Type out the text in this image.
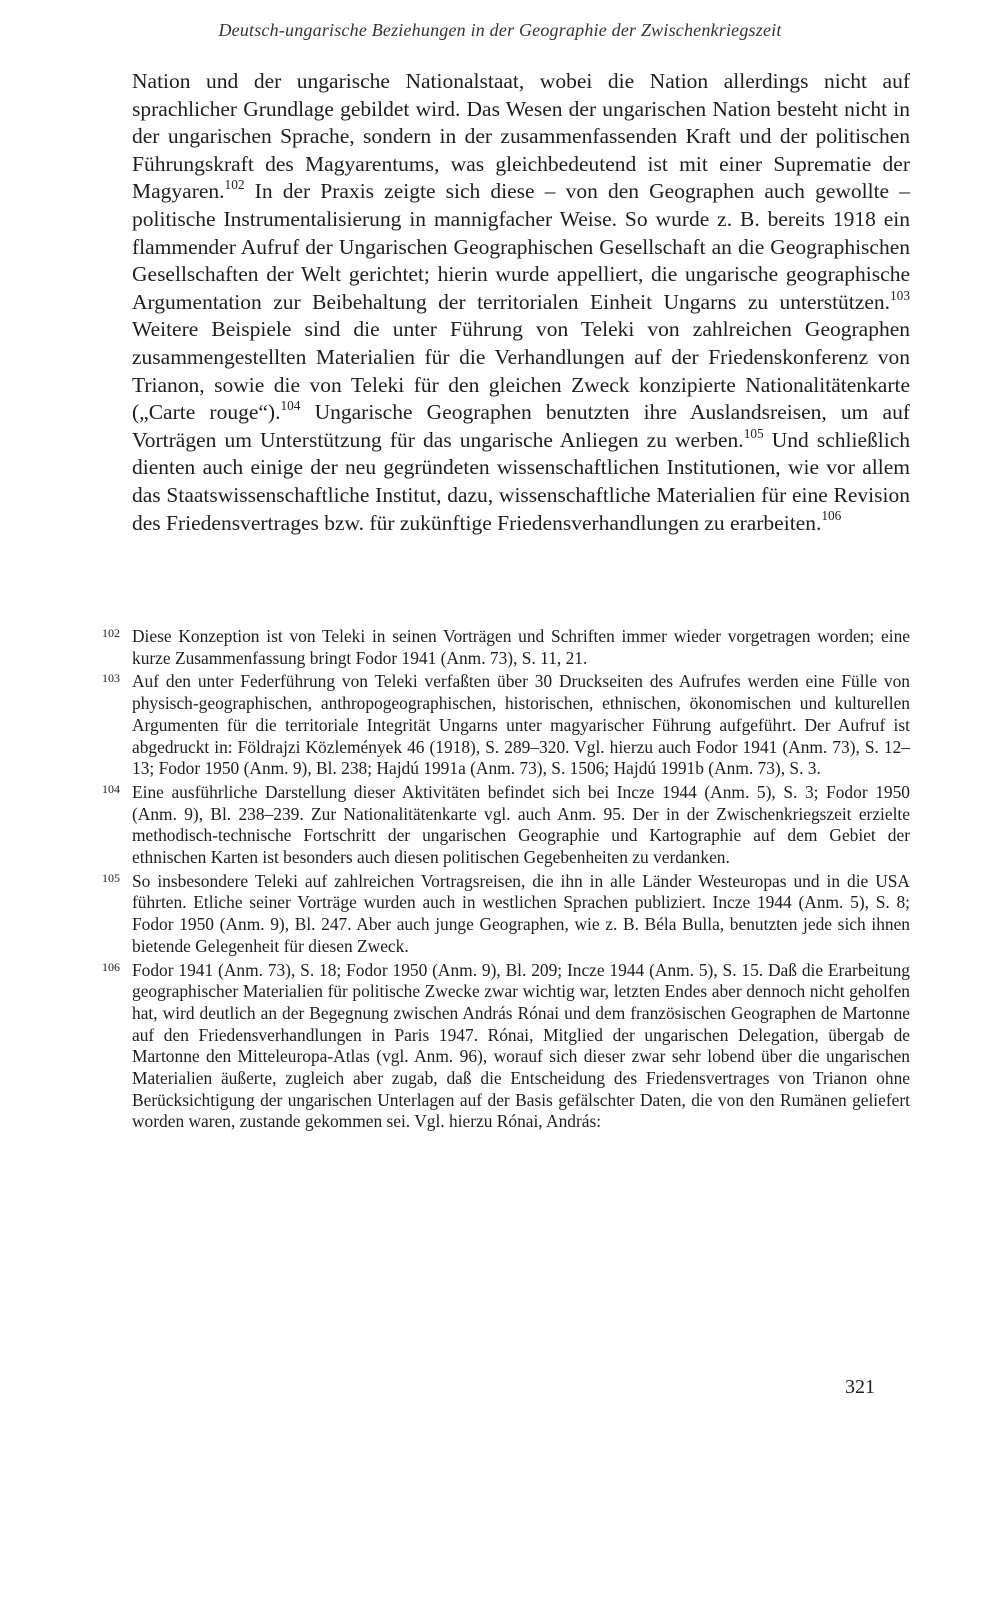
Deutsch-ungarische Beziehungen in der Geographie der Zwischenkriegszeit

Nation und der ungarische Nationalstaat, wobei die Nation allerdings nicht auf sprachlicher Grundlage gebildet wird. Das Wesen der ungarischen Nation besteht nicht in der ungarischen Sprache, sondern in der zusammenfassenden Kraft und der politischen Führungskraft des Magyarentums, was gleichbedeutend ist mit einer Suprematie der Magyaren.$^{102}$ In der Praxis zeigte sich diese – von den Geographen auch gewollte – politische Instrumentalisierung in mannigfacher Weise. So wurde z. B. bereits 1918 ein flammender Aufruf der Ungarischen Geographischen Gesellschaft an die Geographischen Gesellschaften der Welt gerichtet; hierin wurde appelliert, die ungarische geographische Argumentation zur Beibehaltung der territorialen Einheit Ungarns zu unterstützen.$^{103}$ Weitere Beispiele sind die unter Führung von Teleki von zahlreichen Geographen zusammengestellten Materialien für die Verhandlungen auf der Friedenskonferenz von Trianon, sowie die von Teleki für den gleichen Zweck konzipierte Nationalitätenkarte („Carte rouge“).$^{104}$ Ungarische Geographen benutzten ihre Auslandsreisen, um auf Vorträgen um Unterstützung für das ungarische Anliegen zu werben.$^{105}$ Und schließlich dienten auch einige der neu gegründeten wissenschaftlichen Institutionen, wie vor allem das Staatswissenschaftliche Institut, dazu, wissenschaftliche Materialien für eine Revision des Friedensvertrages bzw. für zukünftige Friedensverhandlungen zu erarbeiten.$^{106}$

102 Diese Konzeption ist von Teleki in seinen Vorträgen und Schriften immer wieder vorgetragen worden; eine kurze Zusammenfassung bringt Fodor 1941 (Anm. 73), S. 11, 21.
103 Auf den unter Federführung von Teleki verfaßten über 30 Druckseiten des Aufrufes werden eine Fülle von physisch-geographischen, anthropogeographischen, historischen, ethnischen, ökonomischen und kulturellen Argumenten für die territoriale Integrität Ungarns unter magyarischer Führung aufgeführt. Der Aufruf ist abgedruckt in: Földrajzi Közlemények 46 (1918), S. 289–320. Vgl. hierzu auch Fodor 1941 (Anm. 73), S. 12–13; Fodor 1950 (Anm. 9), Bl. 238; Hajdú 1991a (Anm. 73), S. 1506; Hajdú 1991b (Anm. 73), S. 3.
104 Eine ausführliche Darstellung dieser Aktivitäten befindet sich bei Incze 1944 (Anm. 5), S. 3; Fodor 1950 (Anm. 9), Bl. 238–239. Zur Nationalitätenkarte vgl. auch Anm. 95. Der in der Zwischenkriegszeit erzielte methodisch-technische Fortschritt der ungarischen Geographie und Kartographie auf dem Gebiet der ethnischen Karten ist besonders auch diesen politischen Gegebenheiten zu verdanken.
105 So insbesondere Teleki auf zahlreichen Vortragsreisen, die ihn in alle Länder Westeuropas und in die USA führten. Etliche seiner Vorträge wurden auch in westlichen Sprachen publiziert. Incze 1944 (Anm. 5), S. 8; Fodor 1950 (Anm. 9), Bl. 247. Aber auch junge Geographen, wie z. B. Béla Bulla, benutzten jede sich ihnen bietende Gelegenheit für diesen Zweck.
106 Fodor 1941 (Anm. 73), S. 18; Fodor 1950 (Anm. 9), Bl. 209; Incze 1944 (Anm. 5), S. 15. Daß die Erarbeitung geographischer Materialien für politische Zwecke zwar wichtig war, letzten Endes aber dennoch nicht geholfen hat, wird deutlich an der Begegnung zwischen András Rónai und dem französischen Geographen de Martonne auf den Friedensverhandlungen in Paris 1947. Rónai, Mitglied der ungarischen Delegation, übergab de Martonne den Mitteleuropa-Atlas (vgl. Anm. 96), worauf sich dieser zwar sehr lobend über die ungarischen Materialien äußerte, zugleich aber zugab, daß die Entscheidung des Friedensvertrages von Trianon ohne Berücksichtigung der ungarischen Unterlagen auf der Basis gefälschter Daten, die von den Rumänen geliefert worden waren, zustande gekommen sei. Vgl. hierzu Rónai, András:
321
